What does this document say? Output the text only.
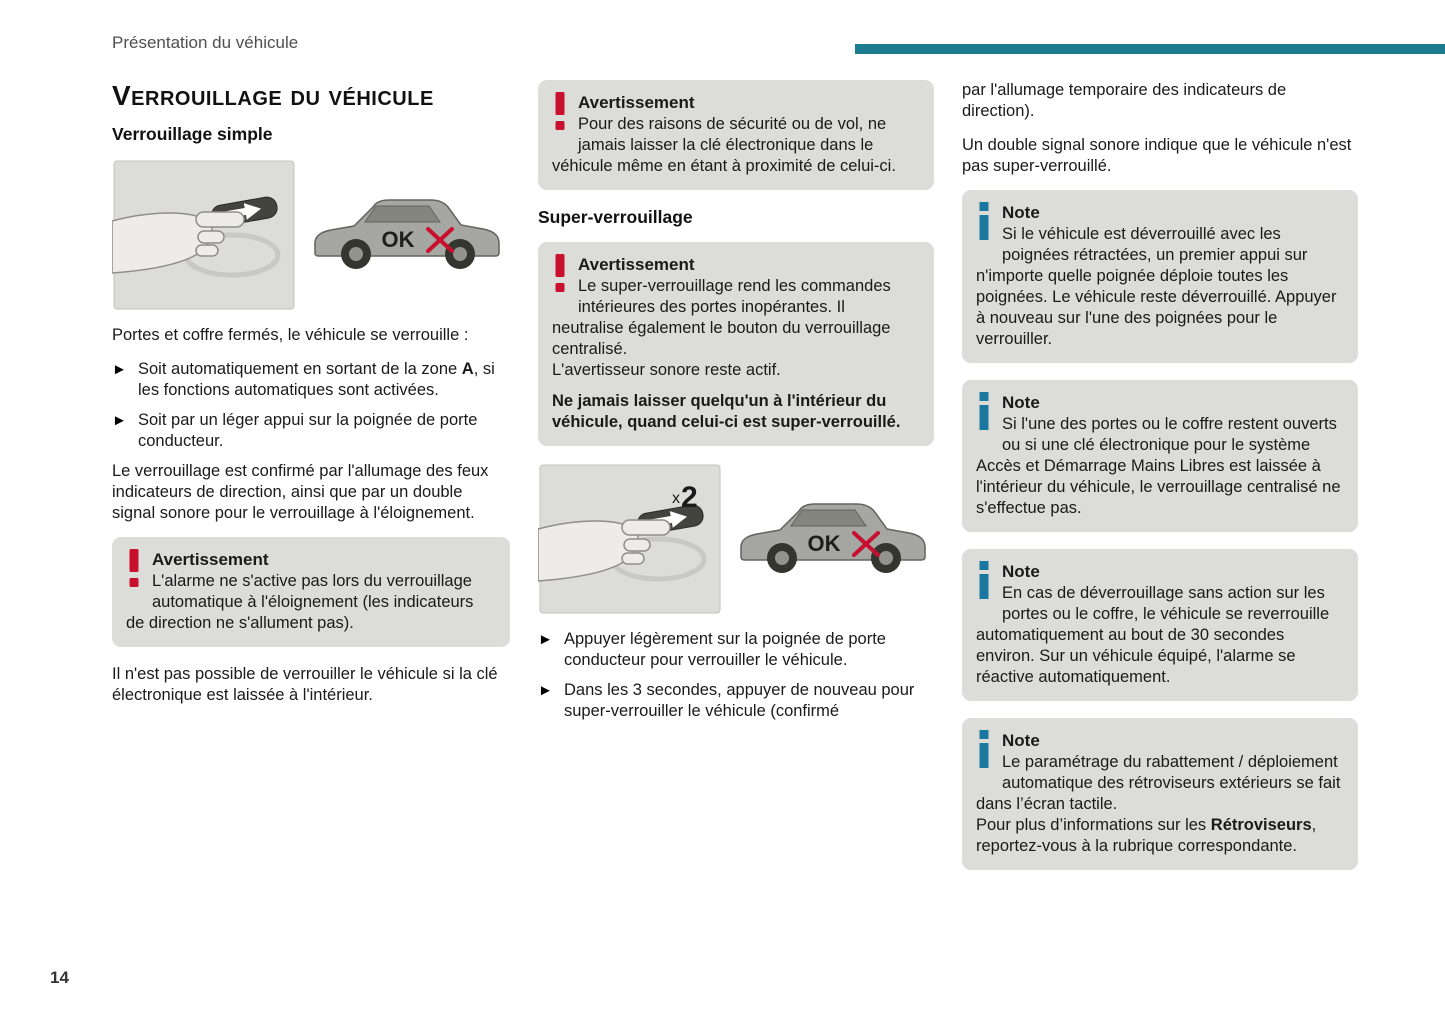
Présentation du véhicule
14
Verrouillage du véhicule
Verrouillage simple
OK

Portes et coffre fermés, le véhicule se verrouille :

► Soit automatiquement en sortant de la zone A, si les fonctions automatiques sont activées.
► Soit par un léger appui sur la poignée de porte conducteur.

Le verrouillage est confirmé par l'allumage des feux indicateurs de direction, ainsi que par un double signal sonore pour le verrouillage à l'éloignement.

Avertissement
L'alarme ne s'active pas lors du verrouillage automatique à l'éloignement (les indicateurs de direction ne s'allument pas).

Il n'est pas possible de verrouiller le véhicule si la clé électronique est laissée à l'intérieur.

Avertissement
Pour des raisons de sécurité ou de vol, ne jamais laisser la clé électronique dans le véhicule même en étant à proximité de celui-ci.
Super-verrouillage
Avertissement
Le super-verrouillage rend les commandes intérieures des portes inopérantes. Il neutralise également le bouton du verrouillage centralisé.
L'avertisseur sonore reste actif.
Ne jamais laisser quelqu'un à l'intérieur du véhicule, quand celui-ci est super-verrouillé.
x 2
OK
► Appuyer légèrement sur la poignée de porte conducteur pour verrouiller le véhicule.
► Dans les 3 secondes, appuyer de nouveau pour super-verrouiller le véhicule (confirmé

par l'allumage temporaire des indicateurs de direction).

Un double signal sonore indique que le véhicule n'est pas super-verrouillé.

Note
Si le véhicule est déverrouillé avec les poignées rétractées, un premier appui sur n'importe quelle poignée déploie toutes les poignées. Le véhicule reste déverrouillé. Appuyer à nouveau sur l'une des poignées pour le verrouiller.
Note
Si l'une des portes ou le coffre restent ouverts ou si une clé électronique pour le système Accès et Démarrage Mains Libres est laissée à l'intérieur du véhicule, le verrouillage centralisé ne s'effectue pas.
Note
En cas de déverrouillage sans action sur les portes ou le coffre, le véhicule se reverrouille automatiquement au bout de 30 secondes environ. Sur un véhicule équipé, l'alarme se réactive automatiquement.
Note
Le paramétrage du rabattement / déploiement automatique des rétroviseurs extérieurs se fait dans l’écran tactile.
Pour plus d’informations sur les Rétroviseurs, reportez-vous à la rubrique correspondante.
